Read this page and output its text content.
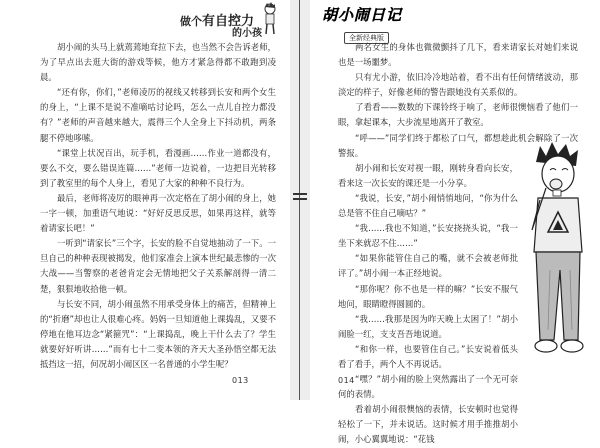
做个有自控力
的小孩

胡小闹的头马上就蔫蔫地耷拉下去，也当然不会告诉老师，为了早点出去逛大街的游戏等候，他方才紧急得都不敢跑到凌晨。

“还有你，你们，”老师凌厉的视线又转移到长安和两个女生的身上，“上课不是说不准嘀咕讨论吗，怎么一点儿自控力都没有？”老师的声音越来越大，震得三个人全身上下抖动机，两条腿不停地哆嗦。

“课堂上状况百出，玩手机，看漫画……作业一道都没有，要么不交，要么错误连篇……”老师一边说着，一边把目光转移到了教室里的每个人身上，看见了大家的种种不良行为。

最后，老师将凌厉的眼神再一次定格在了胡小闹的身上，她一字一顿，加重语气地说：“好好反思反思，如果再这样，就等着请家长吧！”

一听到“请家长”三个字，长安的脸不自觉地抽动了一下。一旦自己的种种表现被揭发，他们家准会上演本世纪最悲惨的一次大战——当警察的老爸肯定会无情地把父子关系解剖得一清二楚，狠狠地收拾他一顿。

与长安不同，胡小闹虽然不用承受身体上的痛苦，但精神上的“折磨”却也让人很难心疼。妈妈一旦知道他上课捣乱，又要不停地在他耳边念“紧箍咒”：“上课捣乱，晚上干什么去了？学生就要好好听讲……”而有七十二变本领的齐天大圣孙悟空都无法抵挡这一招，何况胡小闹区区一名普通的小学生呢？

013
胡小闹日记
全新经典版

两名女生的身体也微微颤抖了几下，看来请家长对她们来说也是一场噩梦。

只有尤小游，依旧冷冷地站着，看不出有任何情绪波动，那淡定的样子，好像老师的警告跟她没有关系似的。

了看看——数数的下课铃终于响了，老师很懊恼看了他们一眼，拿起课本，大步流星地离开了教室。

“呼——”同学们终于都松了口气，都想趁此机会解除了一次警报。

胡小闹和长安对视一眼，刚转身看向长安，看来这一次长安的课还是一小分享。

“我说，长安，”胡小闹悄悄地问，“你为什么总是管不住自己嘀咕？”

“我……我也不知道，”长安挠挠头说，“我一坐下来就忍不住……”

“如果你能管住自己的嘴，就不会被老师批评了。”胡小闹一本正经地说。

“那你呢？你不也是一样的嘛？”长安不服气地问，眼睛瞪得圆圆的。

“我……我那是因为昨天晚上太困了！”胡小闹脸一红，支支吾吾地说道。

“和你一样，也要管住自己。”长安说着低头看了看手，两个人不再说话。

“嘿？”胡小闹的脸上突然露出了一个无可奈何的表情。

看着胡小闹很懊恼的表情，长安顿时也觉得轻松了一下，并未说话。这时候才用手推推胡小闹，小心翼翼地说：“花钱

014
